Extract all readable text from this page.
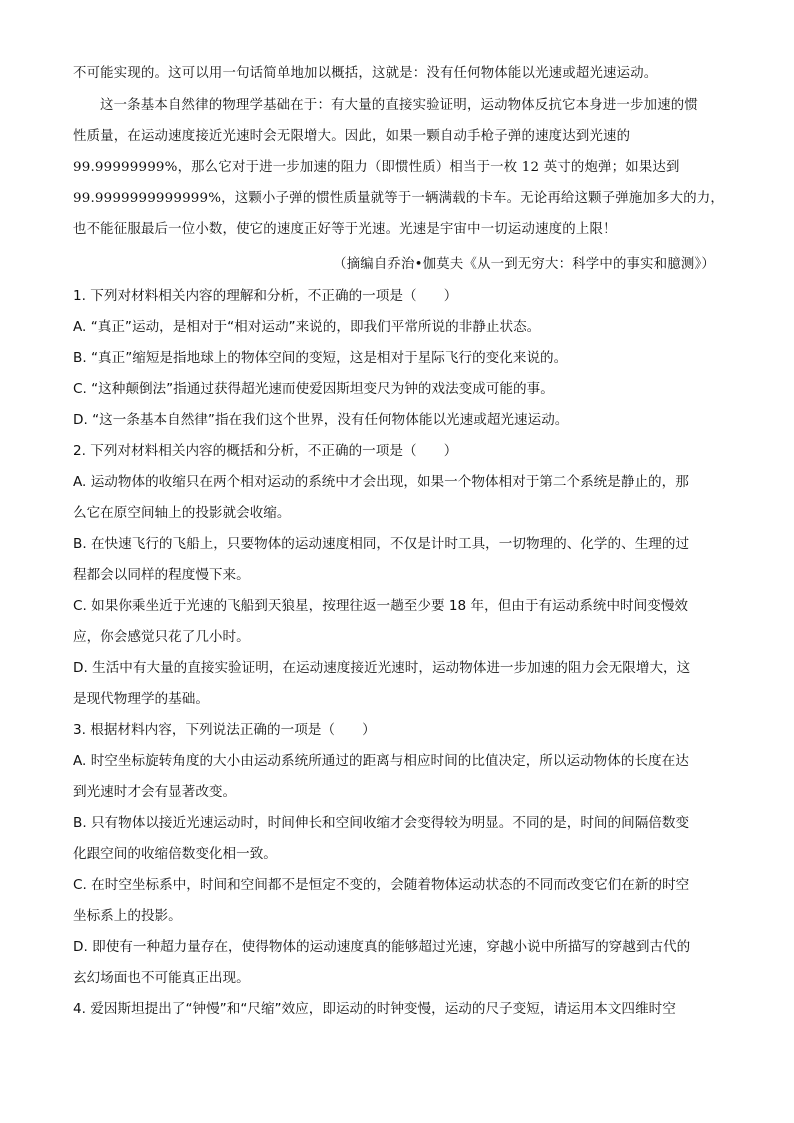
不可能实现的。这可以用一句话简单地加以概括，这就是：没有任何物体能以光速或超光速运动。

这一条基本自然律的物理学基础在于：有大量的直接实验证明，运动物体反抗它本身进一步加速的惯
性质量，在运动速度接近光速时会无限增大。因此，如果一颗自动手枪子弹的速度达到光速的
99.99999999%，那么它对于进一步加速的阻力（即惯性质）相当于一枚 12 英寸的炮弹；如果达到
99.9999999999999%，这颗小子弹的惯性质量就等于一辆满载的卡车。无论再给这颗子弹施加多大的力，
也不能征服最后一位小数，使它的速度正好等于光速。光速是宇宙中一切运动速度的上限！

（摘编自乔治•伽莫夫《从一到无穷大：科学中的事实和臆测》）

1. 下列对材料相关内容的理解和分析，不正确的一项是（　　）
A. “真正”运动，是相对于“相对运动”来说的，即我们平常所说的非静止状态。
B. “真正”缩短是指地球上的物体空间的变短，这是相对于星际飞行的变化来说的。
C. “这种颠倒法”指通过获得超光速而使爱因斯坦变尺为钟的戏法变成可能的事。
D. “这一条基本自然律”指在我们这个世界，没有任何物体能以光速或超光速运动。
2. 下列对材料相关内容的概括和分析，不正确的一项是（　　）
A. 运动物体的收缩只在两个相对运动的系统中才会出现，如果一个物体相对于第二个系统是静止的，那
么它在原空间轴上的投影就会收缩。
B. 在快速飞行的飞船上，只要物体的运动速度相同，不仅是计时工具，一切物理的、化学的、生理的过
程都会以同样的程度慢下来。
C. 如果你乘坐近于光速的飞船到天狼星，按理往返一趟至少要 18 年，但由于有运动系统中时间变慢效
应，你会感觉只花了几小时。
D. 生活中有大量的直接实验证明，在运动速度接近光速时，运动物体进一步加速的阻力会无限增大，这
是现代物理学的基础。
3. 根据材料内容，下列说法正确的一项是（　　）
A. 时空坐标旋转角度的大小由运动系统所通过的距离与相应时间的比值决定，所以运动物体的长度在达
到光速时才会有显著改变。
B. 只有物体以接近光速运动时，时间伸长和空间收缩才会变得较为明显。不同的是，时间的间隔倍数变
化跟空间的收缩倍数变化相一致。
C. 在时空坐标系中，时间和空间都不是恒定不变的，会随着物体运动状态的不同而改变它们在新的时空
坐标系上的投影。
D. 即使有一种超力量存在，使得物体的运动速度真的能够超过光速，穿越小说中所描写的穿越到古代的
玄幻场面也不可能真正出现。
4. 爱因斯坦提出了“钟慢”和“尺缩”效应，即运动的时钟变慢，运动的尺子变短，请运用本文四维时空
